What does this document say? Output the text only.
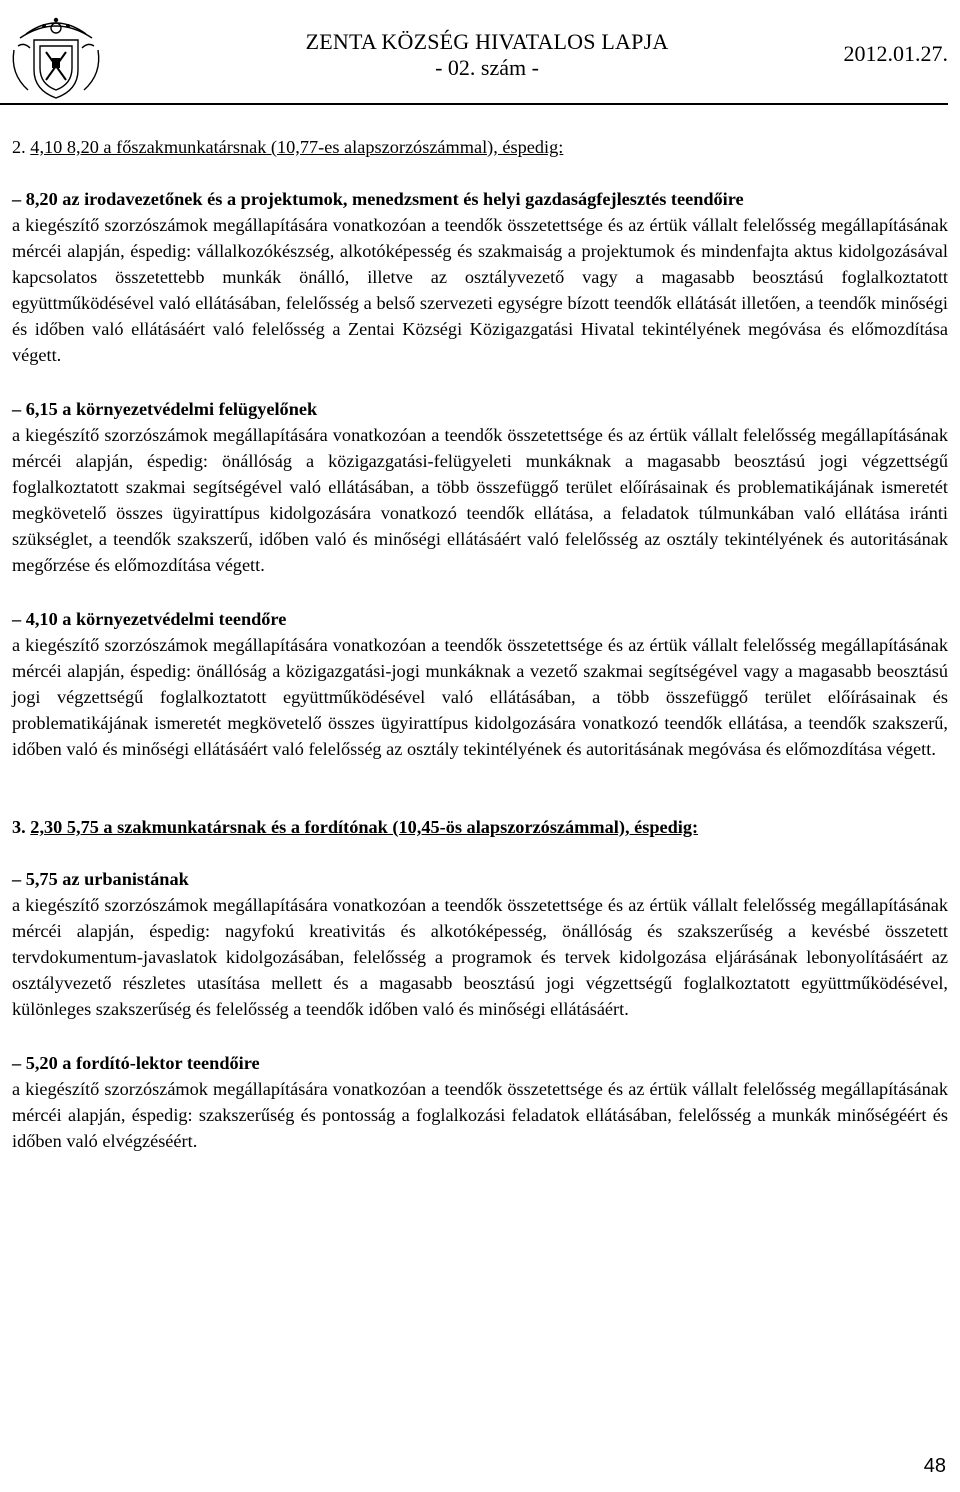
ZENTA KÖZSÉG HIVATALOS LAPJA
- 02. szám -
2012.01.27.

2. 4,10 8,20 a főszakmunkatársnak (10,77-es alapszorzószámmal), éspedig:

– 8,20 az irodavezetőnek és a projektumok, menedzsment és helyi gazdaságfejlesztés teendőire

a kiegészítő szorzószámok megállapítására vonatkozóan a teendők összetettsége és az értük vállalt felelősség megállapításának mércéi alapján, éspedig: vállalkozókészség, alkotóképesség és szakmaiság a projektumok és mindenfajta aktus kidolgozásával kapcsolatos összetettebb munkák önálló, illetve az osztályvezető vagy a magasabb beosztású foglalkoztatott együttműködésével való ellátásában, felelősség a belső szervezeti egységre bízott teendők ellátását illetően, a teendők minőségi és időben való ellátásáért való felelősség a Zentai Községi Közigazgatási Hivatal tekintélyének megóvása és előmozdítása végett.

– 6,15 a környezetvédelmi felügyelőnek

a kiegészítő szorzószámok megállapítására vonatkozóan a teendők összetettsége és az értük vállalt felelősség megállapításának mércéi alapján, éspedig: önállóság a közigazgatási-felügyeleti munkáknak a magasabb beosztású jogi végzettségű foglalkoztatott szakmai segítségével való ellátásában, a több összefüggő terület előírásainak és problematikájának ismeretét megkövetelő összes ügyirattípus kidolgozására vonatkozó teendők ellátása, a feladatok túlmunkában való ellátása iránti szükséglet, a teendők szakszerű, időben való és minőségi ellátásáért való felelősség az osztály tekintélyének és autoritásának megőrzése és előmozdítása végett.

– 4,10 a környezetvédelmi teendőre

a kiegészítő szorzószámok megállapítására vonatkozóan a teendők összetettsége és az értük vállalt felelősség megállapításának mércéi alapján, éspedig: önállóság a közigazgatási-jogi munkáknak a vezető szakmai segítségével vagy a magasabb beosztású jogi végzettségű foglalkoztatott együttműködésével való ellátásában, a több összefüggő terület előírásainak és problematikájának ismeretét megkövetelő összes ügyirattípus kidolgozására vonatkozó teendők ellátása, a teendők szakszerű, időben való és minőségi ellátásáért való felelősség az osztály tekintélyének és autoritásának megóvása és előmozdítása végett.

3. 2,30 5,75 a szakmunkatársnak és a fordítónak (10,45-ös alapszorzószámmal), éspedig:

– 5,75 az urbanistának

a kiegészítő szorzószámok megállapítására vonatkozóan a teendők összetettsége és az értük vállalt felelősség megállapításának mércéi alapján, éspedig: nagyfokú kreativitás és alkotóképesség, önállóság és szakszerűség a kevésbé összetett tervdokumentum-javaslatok kidolgozásában, felelősség a programok és tervek kidolgozása eljárásának lebonyolításáért az osztályvezető részletes utasítása mellett és a magasabb beosztású jogi végzettségű foglalkoztatott együttműködésével, különleges szakszerűség és felelősség a teendők időben való és minőségi ellátásáért.

– 5,20 a fordító-lektor teendőire

a kiegészítő szorzószámok megállapítására vonatkozóan a teendők összetettsége és az értük vállalt felelősség megállapításának mércéi alapján, éspedig: szakszerűség és pontosság a foglalkozási feladatok ellátásában, felelősség a munkák minőségéért és időben való elvégzéséért.

48
